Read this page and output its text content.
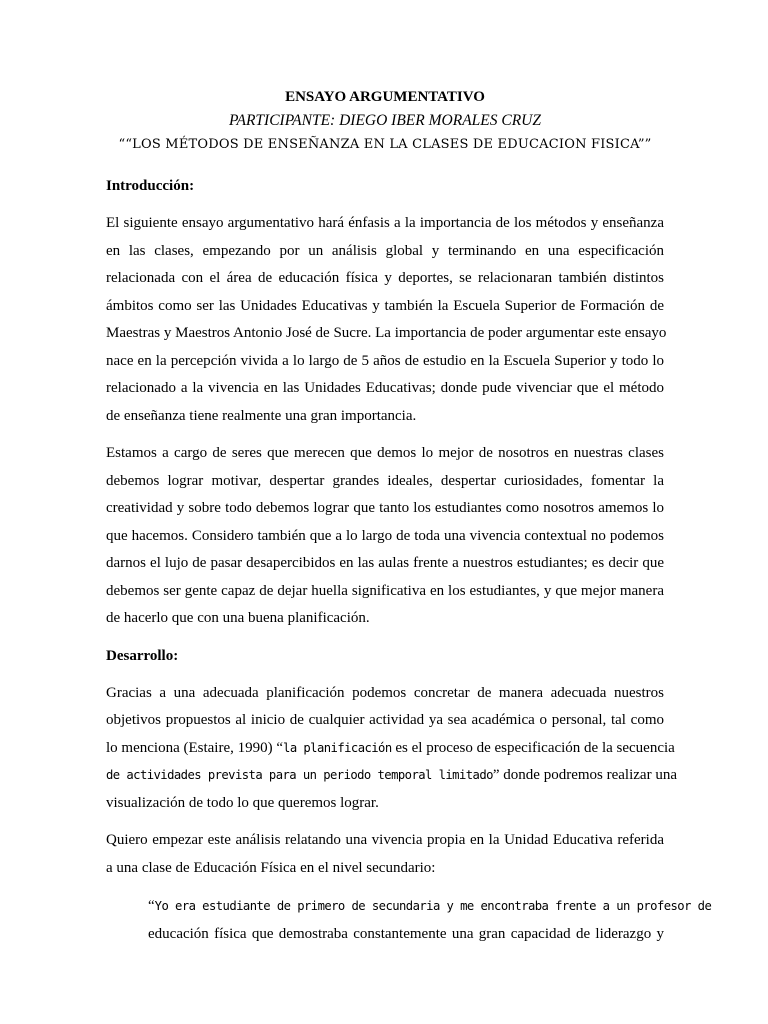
ENSAYO ARGUMENTATIVO

PARTICIPANTE: DIEGO IBER MORALES CRUZ

““LOS MÉTODOS DE ENSEÑANZA EN LA CLASES DE EDUCACION FISICA””

Introducción:

El siguiente ensayo argumentativo hará énfasis a la importancia de los métodos y enseñanza
en las clases, empezando por un análisis global y terminando en una especificación
relacionada con el área de educación física y deportes, se relacionaran también distintos
ámbitos como ser las Unidades Educativas y también la Escuela Superior de Formación de
Maestras y Maestros Antonio José de Sucre. La importancia de poder argumentar este ensayo
nace en la percepción vivida a lo largo de 5 años de estudio en la Escuela Superior y todo lo
relacionado a la vivencia en las Unidades Educativas; donde pude vivenciar que el método
de enseñanza tiene realmente una gran importancia.
Estamos a cargo de seres que merecen que demos lo mejor de nosotros en nuestras clases
debemos lograr motivar, despertar grandes ideales, despertar curiosidades, fomentar la
creatividad y sobre todo debemos lograr que tanto los estudiantes como nosotros amemos lo
que hacemos. Considero también que a lo largo de toda una vivencia contextual no podemos
darnos el lujo de pasar desapercibidos en las aulas frente a nuestros estudiantes; es decir que
debemos ser gente capaz de dejar huella significativa en los estudiantes, y que mejor manera
de hacerlo que con una buena planificación.

Desarrollo:

Gracias a una adecuada planificación podemos concretar de manera adecuada nuestros
objetivos propuestos al inicio de cualquier actividad ya sea académica o personal, tal como
lo menciona (Estaire, 1990) “la planificación es el proceso de especificación de la secuencia
de actividades prevista para un periodo temporal limitado” donde podremos realizar una
visualización de todo lo que queremos lograr.
Quiero empezar este análisis relatando una vivencia propia en la Unidad Educativa referida
a una clase de Educación Física en el nivel secundario:
“Yo era estudiante de primero de secundaria y me encontraba frente a un profesor de
educación física que demostraba constantemente una gran capacidad de liderazgo y
